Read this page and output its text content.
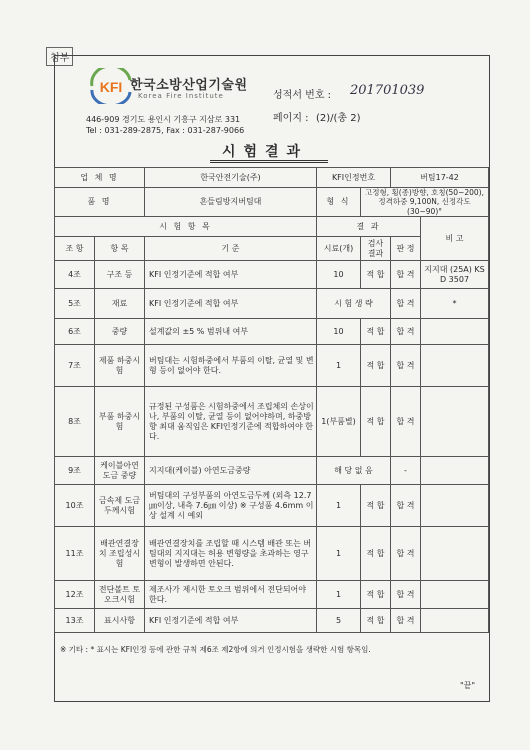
첨부
KFI 한국소방산업기술원
Korea Fire Institute
446-909 경기도 용인시 기흥구 지삼로 331
Tel : 031-289-2875, Fax : 031-287-9066
성적서 번호 : 201701039
페이지 : (2)/(총 2)
시험결과
업 체 명		한국안전기술(주)	KFI인정번호		버팀17-42	
품 명		흔들림방지버팀대	형 식	고정형, 횡(종)방향, 호칭(50~200),
정격하중 9,100N, 신정각도(30~90)°		

시 험 항 목			결 과			비 고
조 항	항 목	기 준	시료(개)	검사 결과	판 정	
4조	구조 등	KFI 인정기준에 적합 여부	10	적 합	합 격	지지대 (25A) KS D 3507
5조	재료	KFI 인정기준에 적합 여부	시 험 생 략		합 격	*
6조	중량	설계값의 ±5 % 범위내 여부	10	적 합	합 격	
7조	제품 하중시험	버팀대는 시험하중에서 부품의 이탈, 균열 및 변형 등이 없어야 한다.	1	적 합	합 격	
8조	부품 하중시험	규정된 구성품은 시험하중에서 조립체의 손상이나, 부품의 이탈, 균열 등이 없어야하며, 하중방향 최대 움직임은 KFI인정기준에 적합하여야 한다.	1(부품별)	적 합	합 격	
9조	케이블아연 도금 중량	지지대(케이블) 아연도금중량	해 당 없 음		-	
10조	금속제 도금두께시험	버팀대의 구성부품의 아연도금두께 (외측 12.7㎛이상, 내측 7.6㎛ 이상) ※ 구성품 4.6mm 이상 설계 시 예외	1	적 합	합 격	
11조	배관연결장치 조립성시험	배관연결장치를 조립할 때 시스템 배관 또는 버팀대의 지지대는 허용 변형량을 초과하는 영구변형이 발생하면 안된다.	1	적 합	합 격	
12조	전단볼트 토오크시험	제조사가 제시한 토오크 범위에서 전단되어야 한다.	1	적 합	합 격	
13조	표시사항	KFI 인정기준에 적합 여부	5	적 합	합 격	
※ 기타 : * 표시는 KFI인정 등에 관한 규칙 제6조 제2항에 의거 인정시험을 생략한 시험 항목임.
"끝"
